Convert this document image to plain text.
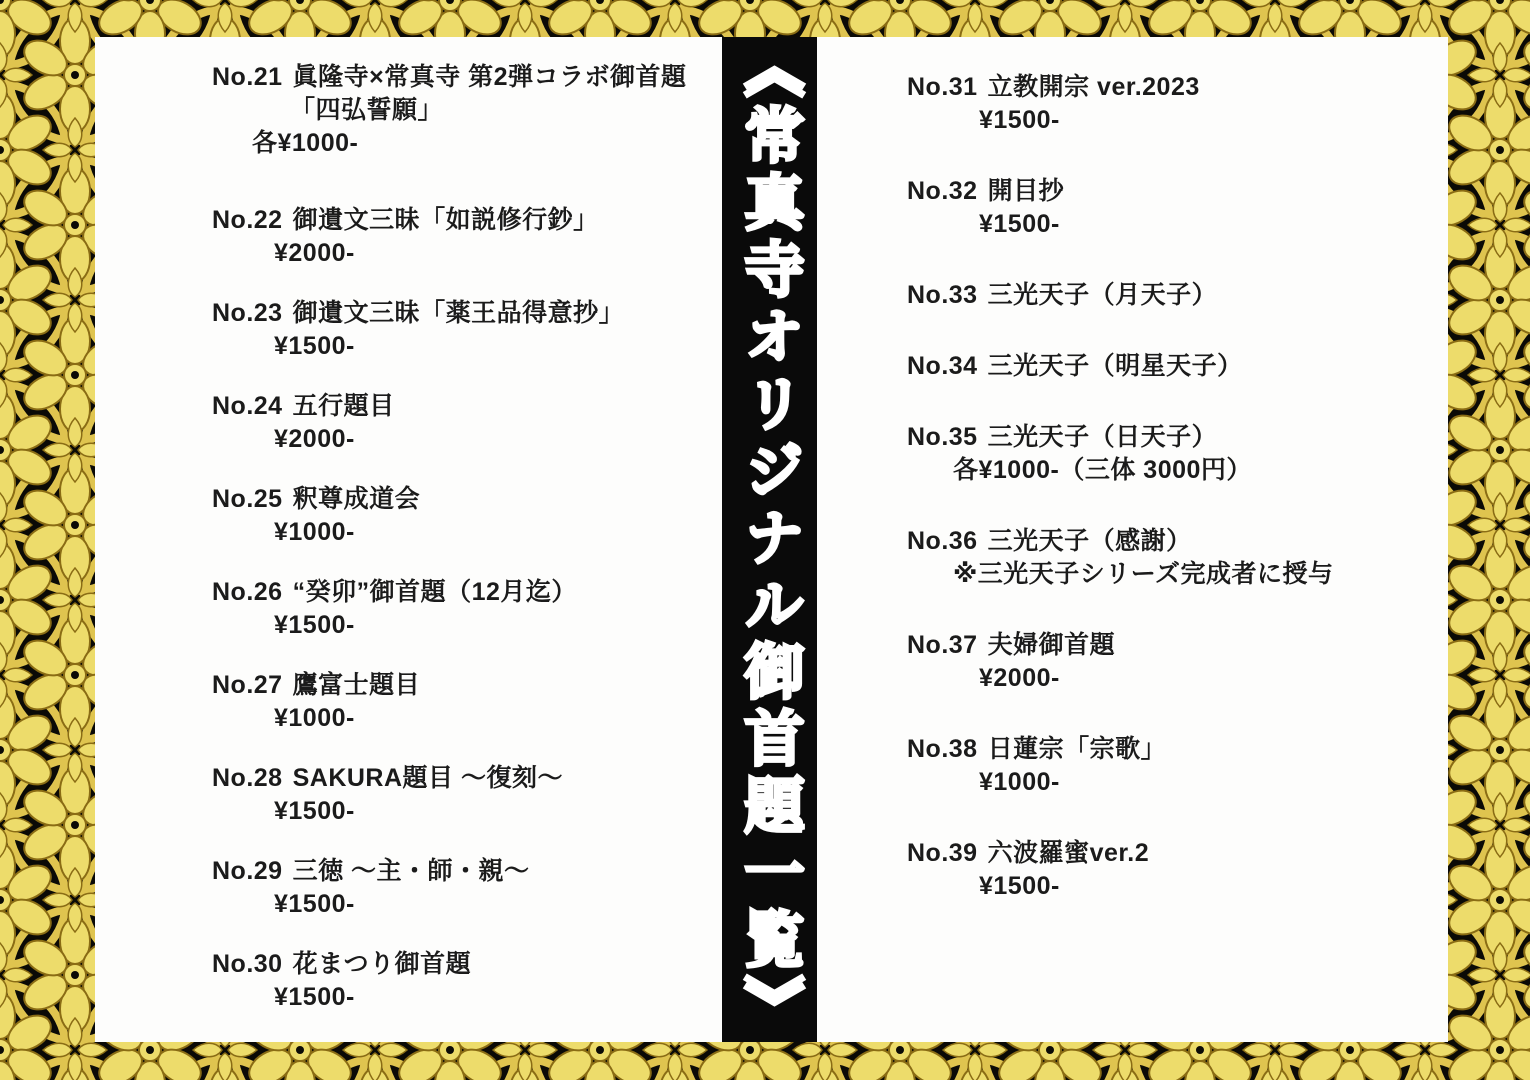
No.21 眞隆寺×常真寺 第2弾コラボ御首題
「四弘誓願」
各¥1000-
No.22 御遺文三昧「如説修行鈔」
¥2000-
No.23 御遺文三昧「薬王品得意抄」
¥1500-
No.24 五行題目
¥2000-
No.25 釈尊成道会
¥1000-
No.26 “癸卯”御首題（12月迄）
¥1500-
No.27 鷹富士題目
¥1000-
No.28 SAKURA題目 ～復刻～
¥1500-
No.29 三徳 ～主・師・親～
¥1500-
No.30 花まつり御首題
¥1500-	《常真寺オリジナル御首題一覧》	No.31 立教開宗 ver.2023
¥1500-
No.32 開目抄
¥1500-
No.33 三光天子（月天子）
No.34 三光天子（明星天子）
No.35 三光天子（日天子）
各¥1000-（三体 3000円）
No.36 三光天子（感謝）
※三光天子シリーズ完成者に授与
No.37 夫婦御首題
¥2000-
No.38 日蓮宗「宗歌」
¥1000-
No.39 六波羅蜜ver.2
¥1500-
